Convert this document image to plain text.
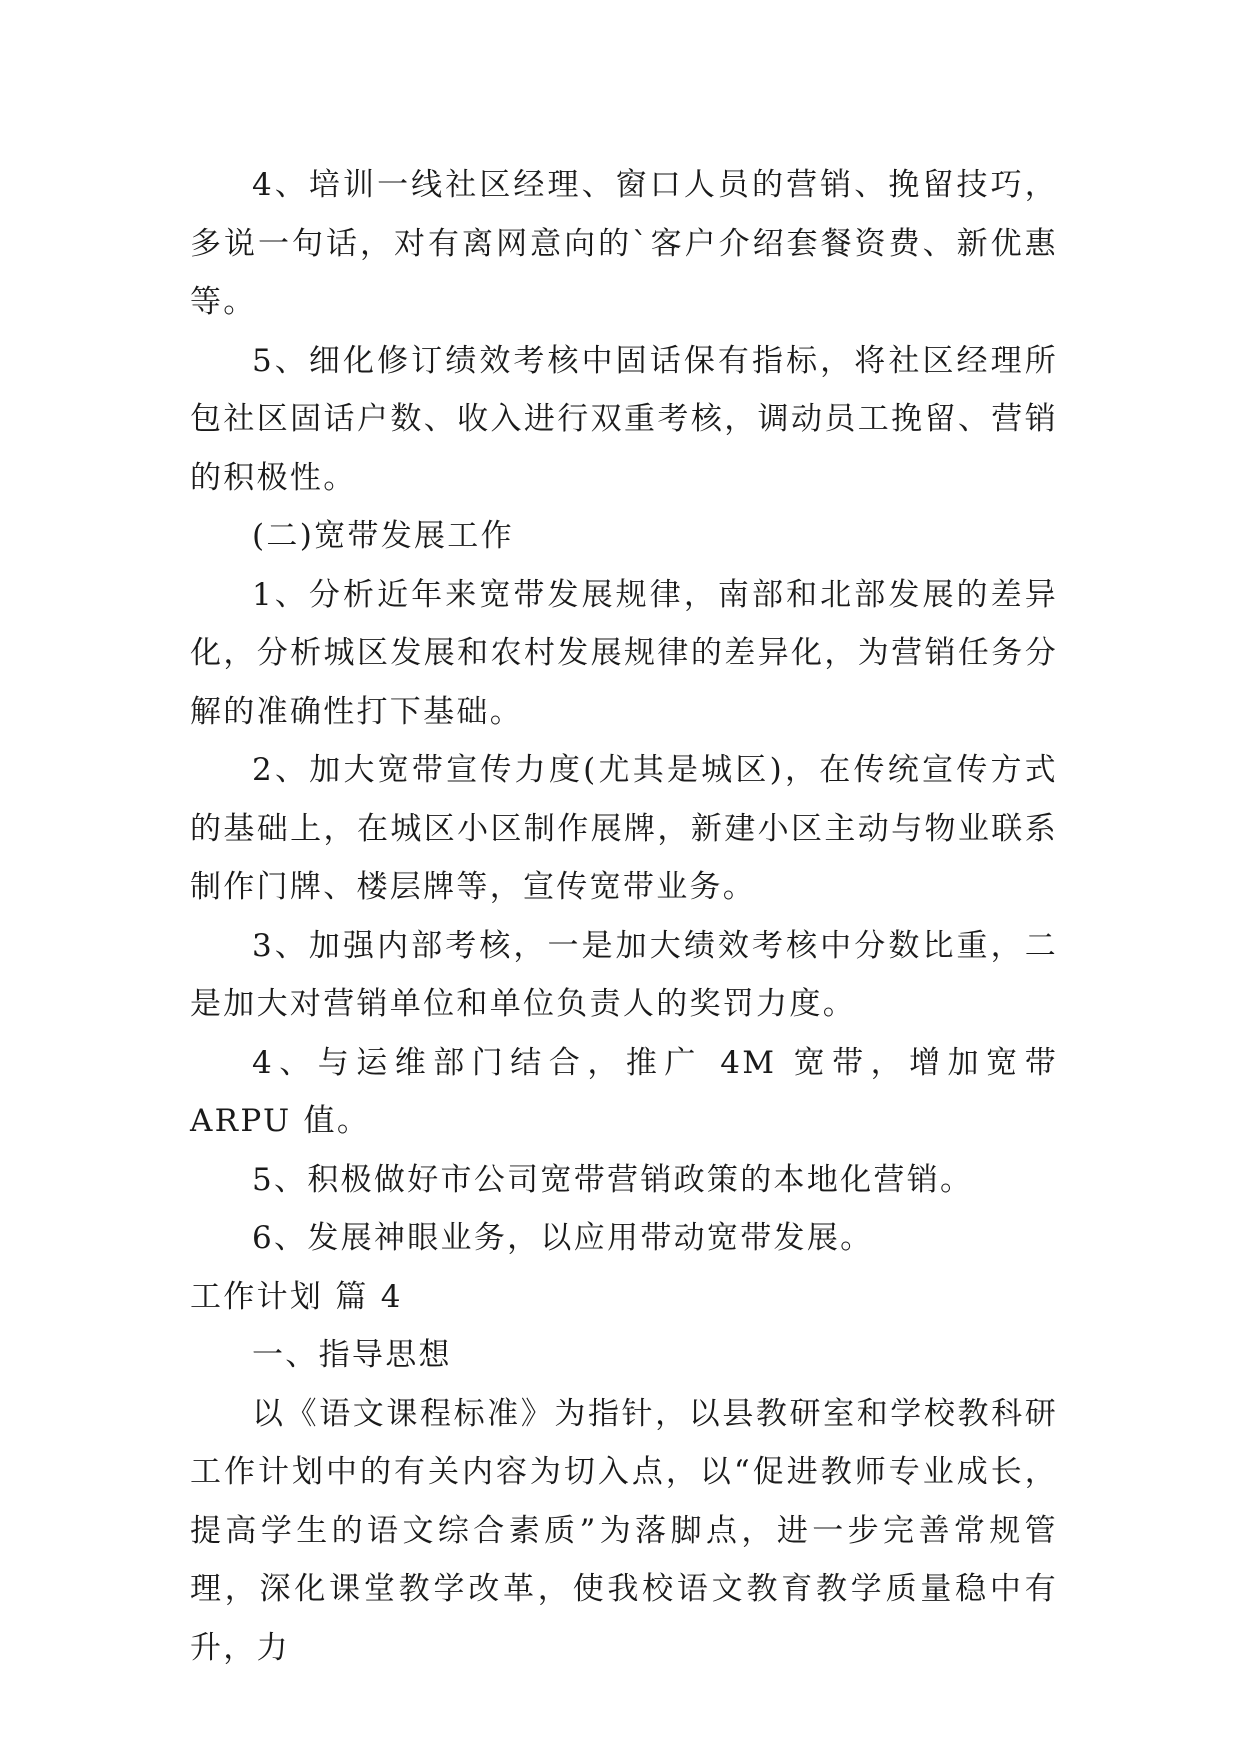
4、培训一线社区经理、窗口人员的营销、挽留技巧，多说一句话，对有离网意向的`客户介绍套餐资费、新优惠等。

5、细化修订绩效考核中固话保有指标，将社区经理所包社区固话户数、收入进行双重考核，调动员工挽留、营销的积极性。

(二)宽带发展工作

1、分析近年来宽带发展规律，南部和北部发展的差异化，分析城区发展和农村发展规律的差异化，为营销任务分解的准确性打下基础。

2、加大宽带宣传力度(尤其是城区)，在传统宣传方式的基础上，在城区小区制作展牌，新建小区主动与物业联系制作门牌、楼层牌等，宣传宽带业务。

3、加强内部考核，一是加大绩效考核中分数比重，二是加大对营销单位和单位负责人的奖罚力度。

4、与运维部门结合，推广 4M 宽带，增加宽带 ARPU 值。

5、积极做好市公司宽带营销政策的本地化营销。

6、发展神眼业务，以应用带动宽带发展。

工作计划 篇 4

一、指导思想

以《语文课程标准》为指针，以县教研室和学校教科研工作计划中的有关内容为切入点，以“促进教师专业成长，提高学生的语文综合素质”为落脚点，进一步完善常规管理，深化课堂教学改革，使我校语文教育教学质量稳中有升，力
